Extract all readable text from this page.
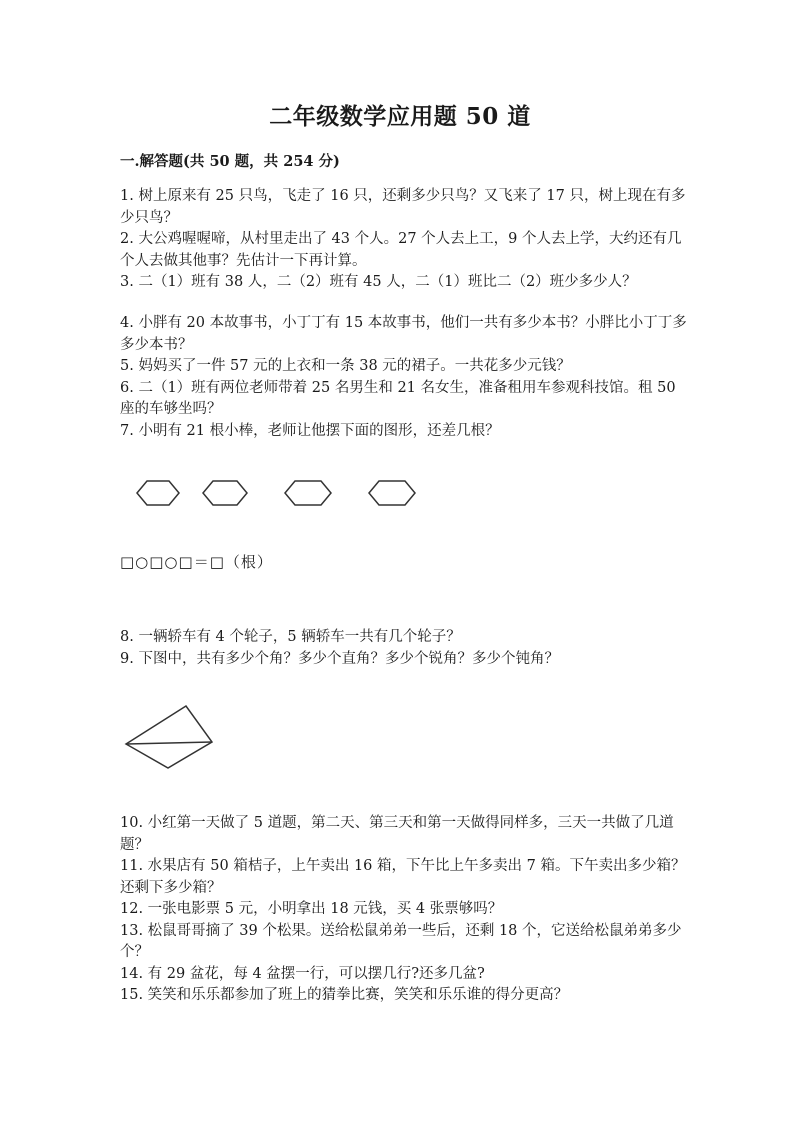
二年级数学应用题 50 道
一.解答题(共 50 题，共 254 分)

1. 树上原来有 25 只鸟，飞走了 16 只，还剩多少只鸟？又飞来了 17 只，树上现在有多少只鸟？

2. 大公鸡喔喔啼，从村里走出了 43 个人。27 个人去上工，9 个人去上学，大约还有几个人去做其他事？先估计一下再计算。

3. 二（1）班有 38 人，二（2）班有 45 人，二（1）班比二（2）班少多少人？

4. 小胖有 20 本故事书，小丁丁有 15 本故事书，他们一共有多少本书？小胖比小丁丁多多少本书？

5. 妈妈买了一件 57 元的上衣和一条 38 元的裙子。一共花多少元钱？

6. 二（1）班有两位老师带着 25 名男生和 21 名女生，准备租用车参观科技馆。租 50 座的车够坐吗？

7. 小明有 21 根小棒，老师让他摆下面的图形，还差几根？

□○□○□＝□（根）

8. 一辆轿车有 4 个轮子，5 辆轿车一共有几个轮子？

9. 下图中，共有多少个角？多少个直角？多少个锐角？多少个钝角？

10. 小红第一天做了 5 道题，第二天、第三天和第一天做得同样多，三天一共做了几道题？

11. 水果店有 50 箱桔子，上午卖出 16 箱，下午比上午多卖出 7 箱。下午卖出多少箱？还剩下多少箱？

12. 一张电影票 5 元，小明拿出 18 元钱，买 4 张票够吗？

13. 松鼠哥哥摘了 39 个松果。送给松鼠弟弟一些后，还剩 18 个，它送给松鼠弟弟多少个？

14. 有 29 盆花，每 4 盆摆一行，可以摆几行?还多几盆?

15. 笑笑和乐乐都参加了班上的猜拳比赛，笑笑和乐乐谁的得分更高？
